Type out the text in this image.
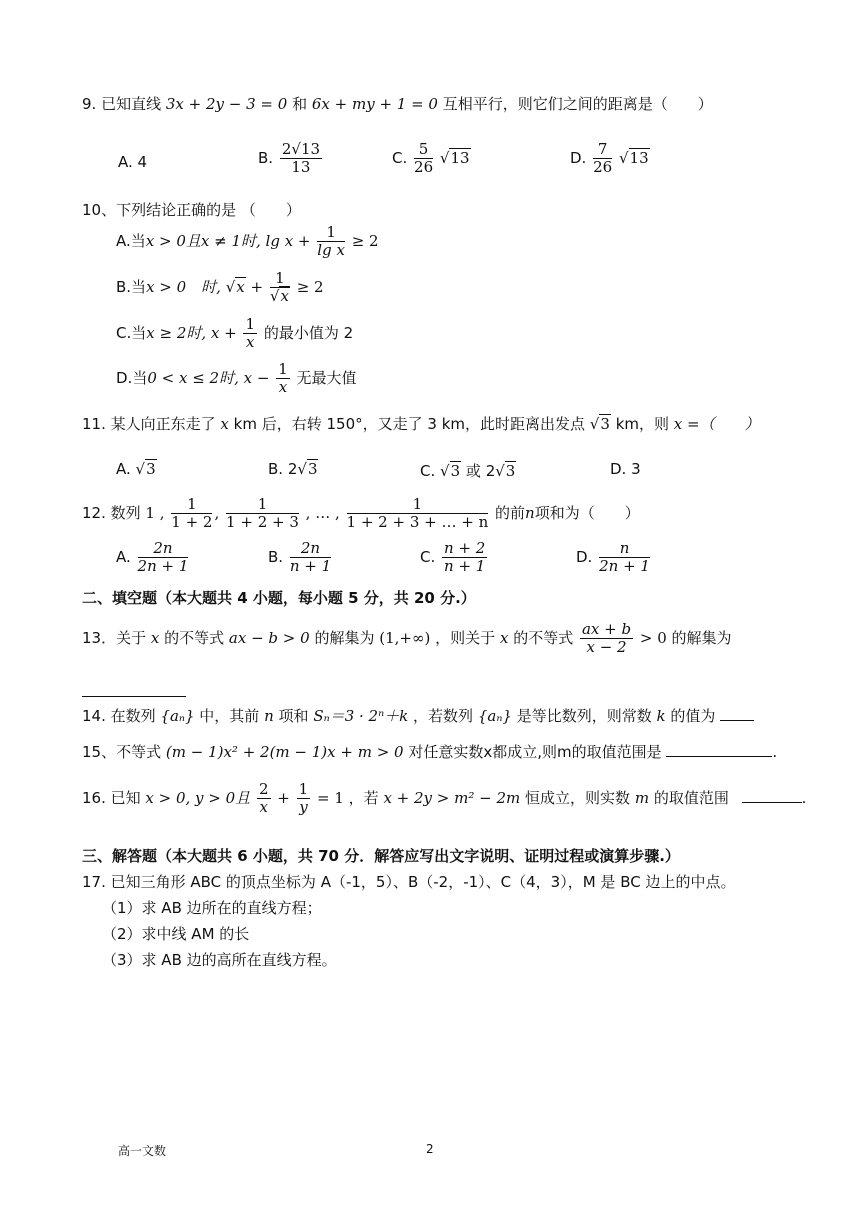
9. 已知直线 3x + 2y − 3 = 0 和 6x + my + 1 = 0 互相平行，则它们之间的距离是（　　）
A. 4	B. $\frac{2√13}{13}$	C. $\frac{5}{26} √13$	D. $\frac{7}{26} √13$
10、下列结论正确的是 （　　）
A.当x > 0且x ≠ 1时, $\lg x + \frac{1}{\text{lg x}} \ge 2$
B.当x > 0　时, $√x + \frac{1}{√x} \ge 2$
C.当x ≥ 2时, $x + \frac{1}{x}$ 的最小值为 2
D.当0 < x ≤ 2时, $x - \frac{1}{x}$ 无最大值
11. 某人向正东走了 x km 后，右转 150°，又走了 3 km，此时距离出发点 √3 km，则 x =（　　）
A. √3	B. 2√3	C. √3 或 2√3	D. 3
12. 数列 1 , $\frac{1}{1 + 2}$ , $\frac{1}{1 + 2 + 3}$ , … , $\frac{1}{1 + 2 + 3 + \dots + n}$ 的前n项和为（　　）
A. $\frac{2n}{2n + 1}$	B. $\frac{2n}{n + 1}$	C. $\frac{n + 2}{n + 1}$	D. $\frac{n}{2n + 1}$
二、填空题（本大题共 4 小题，每小题 5 分，共 20 分.）
13．关于 x 的不等式 ax − b > 0 的解集为 (1,+∞) ，则关于 x 的不等式 $\frac{ax + b}{x - 2} > 0$ 的解集为
14. 在数列 {aₙ} 中，其前 n 项和 Sₙ＝3 · 2ⁿ＋k ，若数列 {aₙ} 是等比数列，则常数 k 的值为
15、不等式 (m − 1)x² + 2(m − 1)x + m > 0 对任意实数x都成立,则m的取值范围是	.
16. 已知 x > 0, y > 0且 $\frac{2}{x} + \frac{1}{y} = 1$ ，若 x + 2y > m² − 2m 恒成立，则实数 m 的取值范围	.
三、解答题（本大题共 6 小题，共 70 分．解答应写出文字说明、证明过程或演算步骤.）
17. 已知三角形 ABC 的顶点坐标为 A（-1，5）、B（-2，-1）、C（4，3），M 是 BC 边上的中点。
（1）求 AB 边所在的直线方程；
（2）求中线 AM 的长
（3）求 AB 边的高所在直线方程。
高一文数	2
